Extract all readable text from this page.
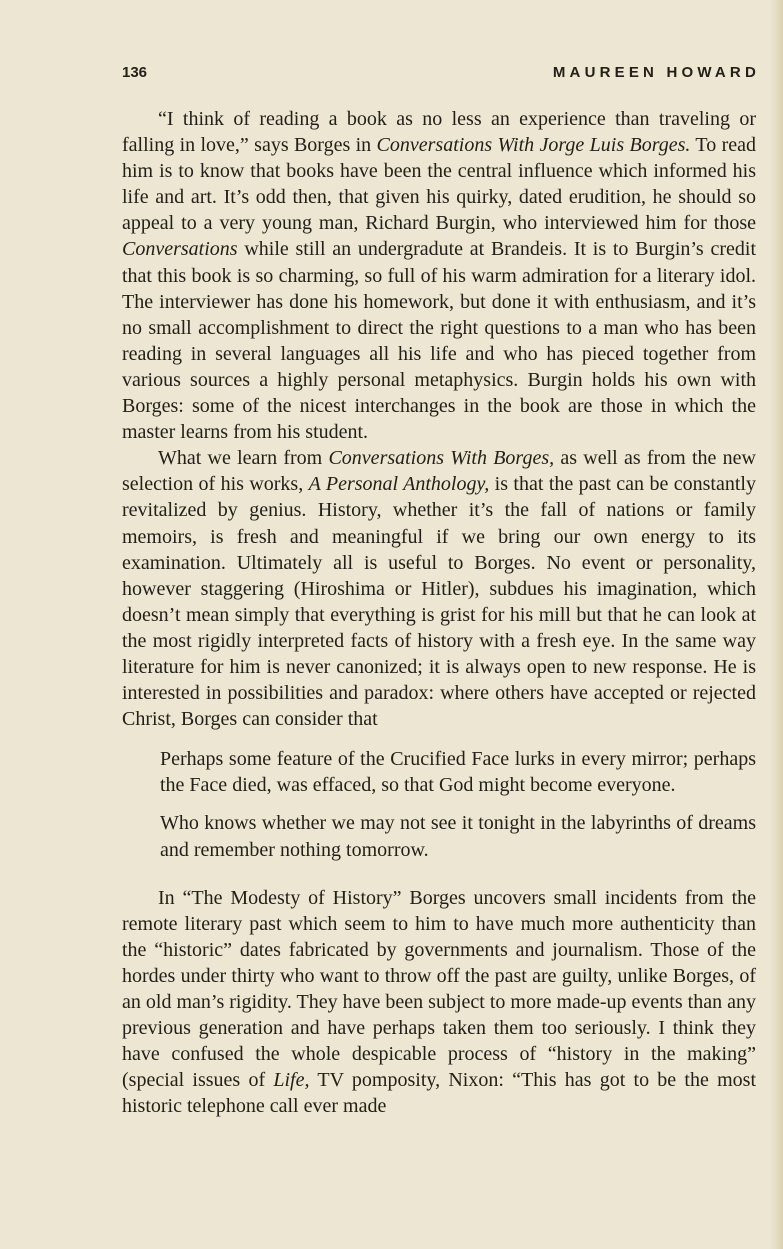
136	MAUREEN HOWARD

“I think of reading a book as no less an experience than traveling or falling in love,” says Borges in Conversations With Jorge Luis Borges. To read him is to know that books have been the central influence which informed his life and art. It’s odd then, that given his quirky, dated erudition, he should so appeal to a very young man, Richard Burgin, who interviewed him for those Conversations while still an undergradute at Brandeis. It is to Burgin’s credit that this book is so charming, so full of his warm admiration for a literary idol. The interviewer has done his homework, but done it with enthusiasm, and it’s no small accomplishment to direct the right questions to a man who has been reading in several languages all his life and who has pieced together from various sources a highly personal metaphysics. Burgin holds his own with Borges: some of the nicest interchanges in the book are those in which the master learns from his student.

What we learn from Conversations With Borges, as well as from the new selection of his works, A Personal Anthology, is that the past can be constantly revitalized by genius. History, whether it’s the fall of nations or family memoirs, is fresh and meaningful if we bring our own energy to its examination. Ultimately all is useful to Borges. No event or personality, however staggering (Hiroshima or Hitler), subdues his imagination, which doesn’t mean simply that everything is grist for his mill but that he can look at the most rigidly interpreted facts of history with a fresh eye. In the same way literature for him is never canonized; it is always open to new response. He is interested in possibilities and paradox: where others have accepted or rejected Christ, Borges can consider that

Perhaps some feature of the Crucified Face lurks in every mirror; perhaps the Face died, was effaced, so that God might become everyone.

Who knows whether we may not see it tonight in the labyrinths of dreams and remember nothing tomorrow.

In “The Modesty of History” Borges uncovers small incidents from the remote literary past which seem to him to have much more authenticity than the “historic” dates fabricated by governments and journalism. Those of the hordes under thirty who want to throw off the past are guilty, unlike Borges, of an old man’s rigidity. They have been subject to more made-up events than any previous generation and have perhaps taken them too seriously. I think they have confused the whole despicable process of “history in the making” (special issues of Life, TV pomposity, Nixon: “This has got to be the most historic telephone call ever made
